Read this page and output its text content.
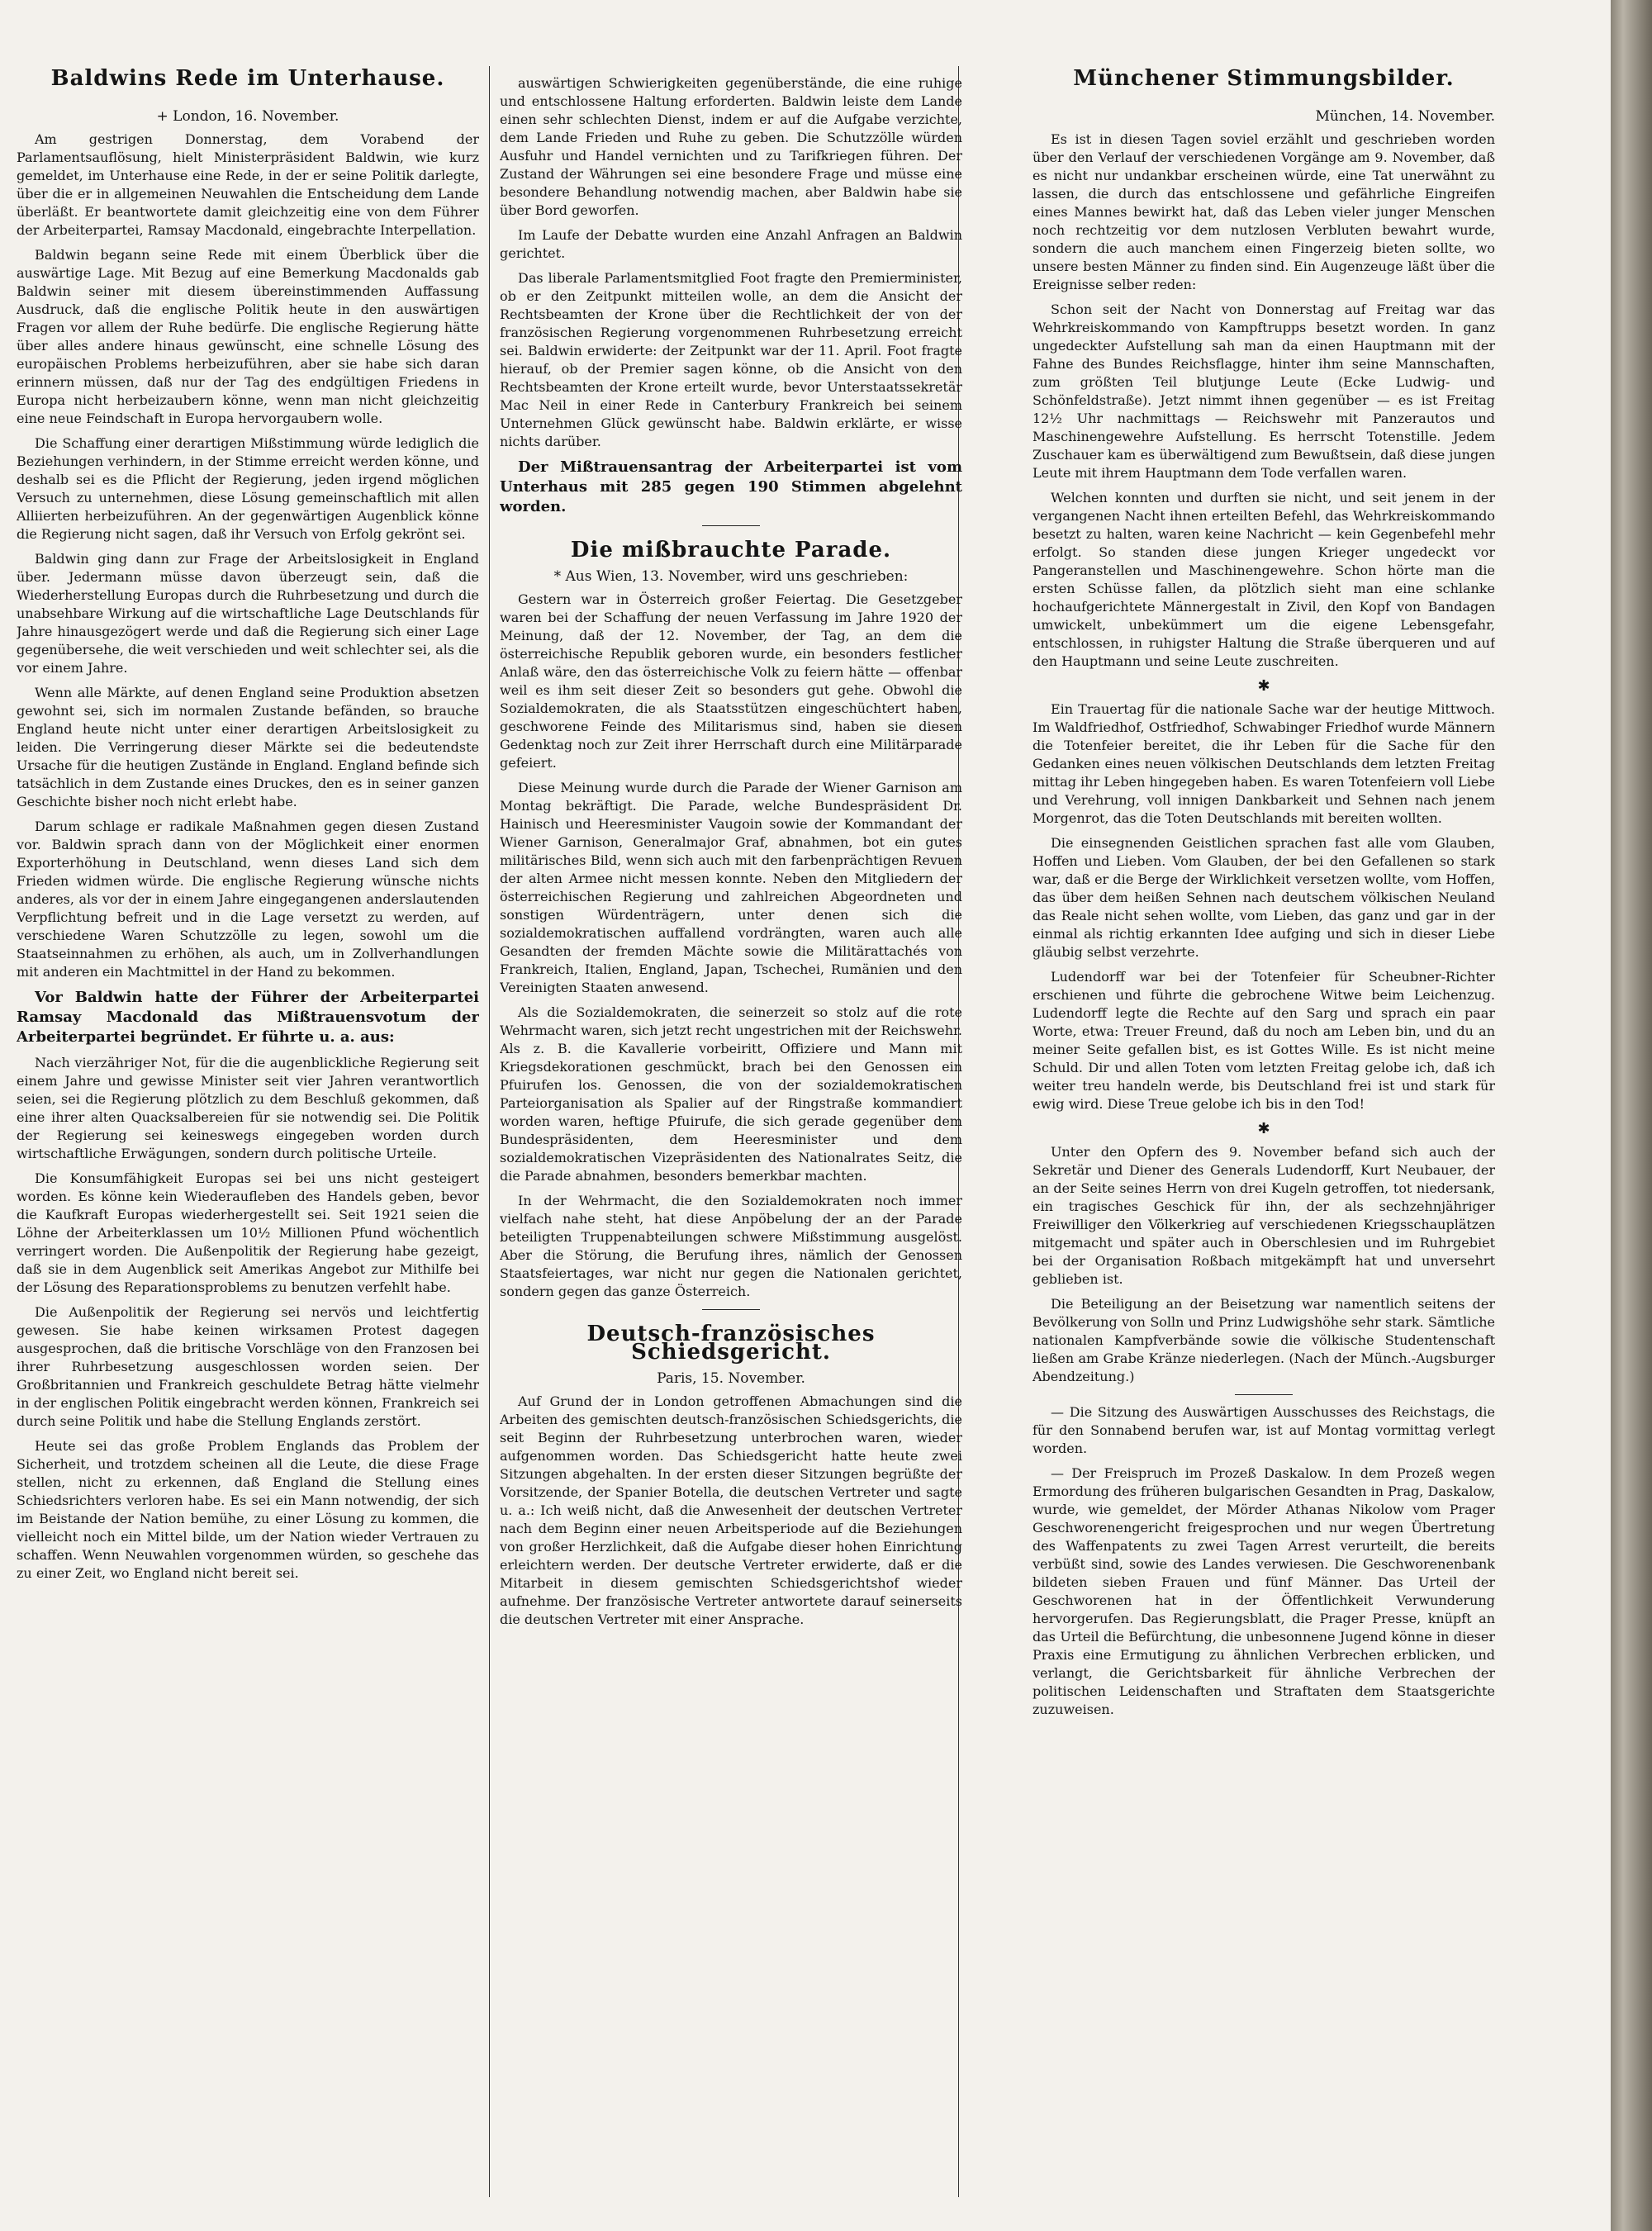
Baldwins Rede im Unterhause.
+ London, 16. November.

Am gestrigen Donnerstag, dem Vorabend der Parlamentsauflösung, hielt Ministerpräsident Baldwin, wie kurz gemeldet, im Unterhause eine Rede, in der er seine Politik darlegte, über die er in allgemeinen Neuwahlen die Entscheidung dem Lande überläßt. Er beantwortete damit gleichzeitig eine von dem Führer der Arbeiterpartei, Ramsay Macdonald, eingebrachte Interpellation.

Baldwin begann seine Rede mit einem Überblick über die auswärtige Lage. Mit Bezug auf eine Bemerkung Macdonalds gab Baldwin seiner mit diesem übereinstimmenden Auffassung Ausdruck, daß die englische Politik heute in den auswärtigen Fragen vor allem der Ruhe bedürfe. Die englische Regierung hätte über alles andere hinaus gewünscht, eine schnelle Lösung des europäischen Problems herbeizuführen, aber sie habe sich daran erinnern müssen, daß nur der Tag des endgültigen Friedens in Europa nicht herbeizaubern könne, wenn man nicht gleichzeitig eine neue Feindschaft in Europa hervorgaubern wolle.

Die Schaffung einer derartigen Mißstimmung würde lediglich die Beziehungen verhindern, in der Stimme erreicht werden könne, und deshalb sei es die Pflicht der Regierung, jeden irgend möglichen Versuch zu unternehmen, diese Lösung gemeinschaftlich mit allen Alliierten herbeizuführen. An der gegenwärtigen Augenblick könne die Regierung nicht sagen, daß ihr Versuch von Erfolg gekrönt sei.

Baldwin ging dann zur Frage der Arbeitslosigkeit in England über. Jedermann müsse davon überzeugt sein, daß die Wiederherstellung Europas durch die Ruhrbesetzung und durch die unabsehbare Wirkung auf die wirtschaftliche Lage Deutschlands für Jahre hinausgezögert werde und daß die Regierung sich einer Lage gegenübersehe, die weit verschieden und weit schlechter sei, als die vor einem Jahre.

Wenn alle Märkte, auf denen England seine Produktion absetzen gewohnt sei, sich im normalen Zustande befänden, so brauche England heute nicht unter einer derartigen Arbeitslosigkeit zu leiden. Die Verringerung dieser Märkte sei die bedeutendste Ursache für die heutigen Zustände in England. England befinde sich tatsächlich in dem Zustande eines Druckes, den es in seiner ganzen Geschichte bisher noch nicht erlebt habe.

Darum schlage er radikale Maßnahmen gegen diesen Zustand vor. Baldwin sprach dann von der Möglichkeit einer enormen Exporterhöhung in Deutschland, wenn dieses Land sich dem Frieden widmen würde. Die englische Regierung wünsche nichts anderes, als vor der in einem Jahre eingegangenen anderslautenden Verpflichtung befreit und in die Lage versetzt zu werden, auf verschiedene Waren Schutzzölle zu legen, sowohl um die Staatseinnahmen zu erhöhen, als auch, um in Zollverhandlungen mit anderen ein Machtmittel in der Hand zu bekommen.

Vor Baldwin hatte der Führer der Arbeiterpartei Ramsay Macdonald das Mißtrauensvotum der Arbeiterpartei begründet. Er führte u. a. aus:

Nach vierzähriger Not, für die die augenblickliche Regierung seit einem Jahre und gewisse Minister seit vier Jahren verantwortlich seien, sei die Regierung plötzlich zu dem Beschluß gekommen, daß eine ihrer alten Quacksalbereien für sie notwendig sei. Die Politik der Regierung sei keineswegs eingegeben worden durch wirtschaftliche Erwägungen, sondern durch politische Urteile.

Die Konsumfähigkeit Europas sei bei uns nicht gesteigert worden. Es könne kein Wiederaufleben des Handels geben, bevor die Kaufkraft Europas wiederhergestellt sei. Seit 1921 seien die Löhne der Arbeiterklassen um 10½ Millionen Pfund wöchentlich verringert worden. Die Außenpolitik der Regierung habe gezeigt, daß sie in dem Augenblick seit Amerikas Angebot zur Mithilfe bei der Lösung des Reparationsproblems zu benutzen verfehlt habe.

Die Außenpolitik der Regierung sei nervös und leichtfertig gewesen. Sie habe keinen wirksamen Protest dagegen ausgesprochen, daß die britische Vorschläge von den Franzosen bei ihrer Ruhrbesetzung ausgeschlossen worden seien. Der Großbritannien und Frankreich geschuldete Betrag hätte vielmehr in der englischen Politik eingebracht werden können, Frankreich sei durch seine Politik und habe die Stellung Englands zerstört.

Heute sei das große Problem Englands das Problem der Sicherheit, und trotzdem scheinen all die Leute, die diese Frage stellen, nicht zu erkennen, daß England die Stellung eines Schiedsrichters verloren habe. Es sei ein Mann notwendig, der sich im Beistande der Nation bemühe, zu einer Lösung zu kommen, die vielleicht noch ein Mittel bilde, um der Nation wieder Vertrauen zu schaffen. Wenn Neuwahlen vorgenommen würden, so geschehe das zu einer Zeit, wo England nicht bereit sei.

auswärtigen Schwierigkeiten gegenüberstände, die eine ruhige und entschlossene Haltung erforderten. Baldwin leiste dem Lande einen sehr schlechten Dienst, indem er auf die Aufgabe verzichte, dem Lande Frieden und Ruhe zu geben. Die Schutzzölle würden Ausfuhr und Handel vernichten und zu Tarifkriegen führen. Der Zustand der Währungen sei eine besondere Frage und müsse eine besondere Behandlung notwendig machen, aber Baldwin habe sie über Bord geworfen.

Im Laufe der Debatte wurden eine Anzahl Anfragen an Baldwin gerichtet.

Das liberale Parlamentsmitglied Foot fragte den Premierminister, ob er den Zeitpunkt mitteilen wolle, an dem die Ansicht der Rechtsbeamten der Krone über die Rechtlichkeit der von der französischen Regierung vorgenommenen Ruhrbesetzung erreicht sei. Baldwin erwiderte: der Zeitpunkt war der 11. April. Foot fragte hierauf, ob der Premier sagen könne, ob die Ansicht von den Rechtsbeamten der Krone erteilt wurde, bevor Unterstaatssekretär Mac Neil in einer Rede in Canterbury Frankreich bei seinem Unternehmen Glück gewünscht habe. Baldwin erklärte, er wisse nichts darüber.

Der Mißtrauensantrag der Arbeiterpartei ist vom Unterhaus mit 285 gegen 190 Stimmen abgelehnt worden.

Die mißbrauchte Parade.
* Aus Wien, 13. November, wird uns geschrieben:

Gestern war in Österreich großer Feiertag. Die Gesetzgeber waren bei der Schaffung der neuen Verfassung im Jahre 1920 der Meinung, daß der 12. November, der Tag, an dem die österreichische Republik geboren wurde, ein besonders festlicher Anlaß wäre, den das österreichische Volk zu feiern hätte — offenbar weil es ihm seit dieser Zeit so besonders gut gehe. Obwohl die Sozialdemokraten, die als Staatsstützen eingeschüchtert haben, geschworene Feinde des Militarismus sind, haben sie diesen Gedenktag noch zur Zeit ihrer Herrschaft durch eine Militärparade gefeiert.

Diese Meinung wurde durch die Parade der Wiener Garnison am Montag bekräftigt. Die Parade, welche Bundespräsident Dr. Hainisch und Heeresminister Vaugoin sowie der Kommandant der Wiener Garnison, Generalmajor Graf, abnahmen, bot ein gutes militärisches Bild, wenn sich auch mit den farbenprächtigen Revuen der alten Armee nicht messen konnte. Neben den Mitgliedern der österreichischen Regierung und zahlreichen Abgeordneten und sonstigen Würdenträgern, unter denen sich die sozialdemokratischen auffallend vordrängten, waren auch alle Gesandten der fremden Mächte sowie die Militärattachés von Frankreich, Italien, England, Japan, Tschechei, Rumänien und den Vereinigten Staaten anwesend.

Als die Sozialdemokraten, die seinerzeit so stolz auf die rote Wehrmacht waren, sich jetzt recht ungestrichen mit der Reichswehr. Als z. B. die Kavallerie vorbeiritt, Offiziere und Mann mit Kriegsdekorationen geschmückt, brach bei den Genossen ein Pfuirufen los. Genossen, die von der sozialdemokratischen Parteiorganisation als Spalier auf der Ringstraße kommandiert worden waren, heftige Pfuirufe, die sich gerade gegenüber dem Bundespräsidenten, dem Heeresminister und dem sozialdemokratischen Vizepräsidenten des Nationalrates Seitz, die die Parade abnahmen, besonders bemerkbar machten.

In der Wehrmacht, die den Sozialdemokraten noch immer vielfach nahe steht, hat diese Anpöbelung der an der Parade beteiligten Truppenabteilungen schwere Mißstimmung ausgelöst. Aber die Störung, die Berufung ihres, nämlich der Genossen Staatsfeiertages, war nicht nur gegen die Nationalen gerichtet, sondern gegen das ganze Österreich.

Deutsch-französisches Schiedsgericht.
Paris, 15. November.

Auf Grund der in London getroffenen Abmachungen sind die Arbeiten des gemischten deutsch-französischen Schiedsgerichts, die seit Beginn der Ruhrbesetzung unterbrochen waren, wieder aufgenommen worden. Das Schiedsgericht hatte heute zwei Sitzungen abgehalten. In der ersten dieser Sitzungen begrüßte der Vorsitzende, der Spanier Botella, die deutschen Vertreter und sagte u. a.: Ich weiß nicht, daß die Anwesenheit der deutschen Vertreter nach dem Beginn einer neuen Arbeitsperiode auf die Beziehungen von großer Herzlichkeit, daß die Aufgabe dieser hohen Einrichtung erleichtern werden. Der deutsche Vertreter erwiderte, daß er die Mitarbeit in diesem gemischten Schiedsgerichtshof wieder aufnehme. Der französische Vertreter antwortete darauf seinerseits die deutschen Vertreter mit einer Ansprache.

Münchener Stimmungsbilder.
München, 14. November.

Es ist in diesen Tagen soviel erzählt und geschrieben worden über den Verlauf der verschiedenen Vorgänge am 9. November, daß es nicht nur undankbar erscheinen würde, eine Tat unerwähnt zu lassen, die durch das entschlossene und gefährliche Eingreifen eines Mannes bewirkt hat, daß das Leben vieler junger Menschen noch rechtzeitig vor dem nutzlosen Verbluten bewahrt wurde, sondern die auch manchem einen Fingerzeig bieten sollte, wo unsere besten Männer zu finden sind. Ein Augenzeuge läßt über die Ereignisse selber reden:

Schon seit der Nacht von Donnerstag auf Freitag war das Wehrkreiskommando von Kampftrupps besetzt worden. In ganz ungedeckter Aufstellung sah man da einen Hauptmann mit der Fahne des Bundes Reichsflagge, hinter ihm seine Mannschaften, zum größten Teil blutjunge Leute (Ecke Ludwig- und Schönfeldstraße). Jetzt nimmt ihnen gegenüber — es ist Freitag 12½ Uhr nachmittags — Reichswehr mit Panzerautos und Maschinengewehre Aufstellung. Es herrscht Totenstille. Jedem Zuschauer kam es überwältigend zum Bewußtsein, daß diese jungen Leute mit ihrem Hauptmann dem Tode verfallen waren.

Welchen konnten und durften sie nicht, und seit jenem in der vergangenen Nacht ihnen erteilten Befehl, das Wehrkreiskommando besetzt zu halten, waren keine Nachricht — kein Gegenbefehl mehr erfolgt. So standen diese jungen Krieger ungedeckt vor Pangeranstellen und Maschinengewehre. Schon hörte man die ersten Schüsse fallen, da plötzlich sieht man eine schlanke hochaufgerichtete Männergestalt in Zivil, den Kopf von Bandagen umwickelt, unbekümmert um die eigene Lebensgefahr, entschlossen, in ruhigster Haltung die Straße überqueren und auf den Hauptmann und seine Leute zuschreiten.

✱

Ein Trauertag für die nationale Sache war der heutige Mittwoch. Im Waldfriedhof, Ostfriedhof, Schwabinger Friedhof wurde Männern die Totenfeier bereitet, die ihr Leben für die Sache für den Gedanken eines neuen völkischen Deutschlands dem letzten Freitag mittag ihr Leben hingegeben haben. Es waren Totenfeiern voll Liebe und Verehrung, voll innigen Dankbarkeit und Sehnen nach jenem Morgenrot, das die Toten Deutschlands mit bereiten wollten.

Die einsegnenden Geistlichen sprachen fast alle vom Glauben, Hoffen und Lieben. Vom Glauben, der bei den Gefallenen so stark war, daß er die Berge der Wirklichkeit versetzen wollte, vom Hoffen, das über dem heißen Sehnen nach deutschem völkischen Neuland das Reale nicht sehen wollte, vom Lieben, das ganz und gar in der einmal als richtig erkannten Idee aufging und sich in dieser Liebe gläubig selbst verzehrte.

Ludendorff war bei der Totenfeier für Scheubner-Richter erschienen und führte die gebrochene Witwe beim Leichenzug. Ludendorff legte die Rechte auf den Sarg und sprach ein paar Worte, etwa: Treuer Freund, daß du noch am Leben bin, und du an meiner Seite gefallen bist, es ist Gottes Wille. Es ist nicht meine Schuld. Dir und allen Toten vom letzten Freitag gelobe ich, daß ich weiter treu handeln werde, bis Deutschland frei ist und stark für ewig wird. Diese Treue gelobe ich bis in den Tod!

✱

Unter den Opfern des 9. November befand sich auch der Sekretär und Diener des Generals Ludendorff, Kurt Neubauer, der an der Seite seines Herrn von drei Kugeln getroffen, tot niedersank, ein tragisches Geschick für ihn, der als sechzehnjähriger Freiwilliger den Völkerkrieg auf verschiedenen Kriegsschauplätzen mitgemacht und später auch in Oberschlesien und im Ruhrgebiet bei der Organisation Roßbach mitgekämpft hat und unversehrt geblieben ist.

Die Beteiligung an der Beisetzung war namentlich seitens der Bevölkerung von Solln und Prinz Ludwigshöhe sehr stark. Sämtliche nationalen Kampfverbände sowie die völkische Studentenschaft ließen am Grabe Kränze niederlegen. (Nach der Münch.-Augsburger Abendzeitung.)

— Die Sitzung des Auswärtigen Ausschusses des Reichstags, die für den Sonnabend berufen war, ist auf Montag vormittag verlegt worden.

— Der Freispruch im Prozeß Daskalow. In dem Prozeß wegen Ermordung des früheren bulgarischen Gesandten in Prag, Daskalow, wurde, wie gemeldet, der Mörder Athanas Nikolow vom Prager Geschworenengericht freigesprochen und nur wegen Übertretung des Waffenpatents zu zwei Tagen Arrest verurteilt, die bereits verbüßt sind, sowie des Landes verwiesen. Die Geschworenenbank bildeten sieben Frauen und fünf Männer. Das Urteil der Geschworenen hat in der Öffentlichkeit Verwunderung hervorgerufen. Das Regierungsblatt, die Prager Presse, knüpft an das Urteil die Befürchtung, die unbesonnene Jugend könne in dieser Praxis eine Ermutigung zu ähnlichen Verbrechen erblicken, und verlangt, die Gerichtsbarkeit für ähnliche Verbrechen der politischen Leidenschaften und Straftaten dem Staatsgerichte zuzuweisen.
